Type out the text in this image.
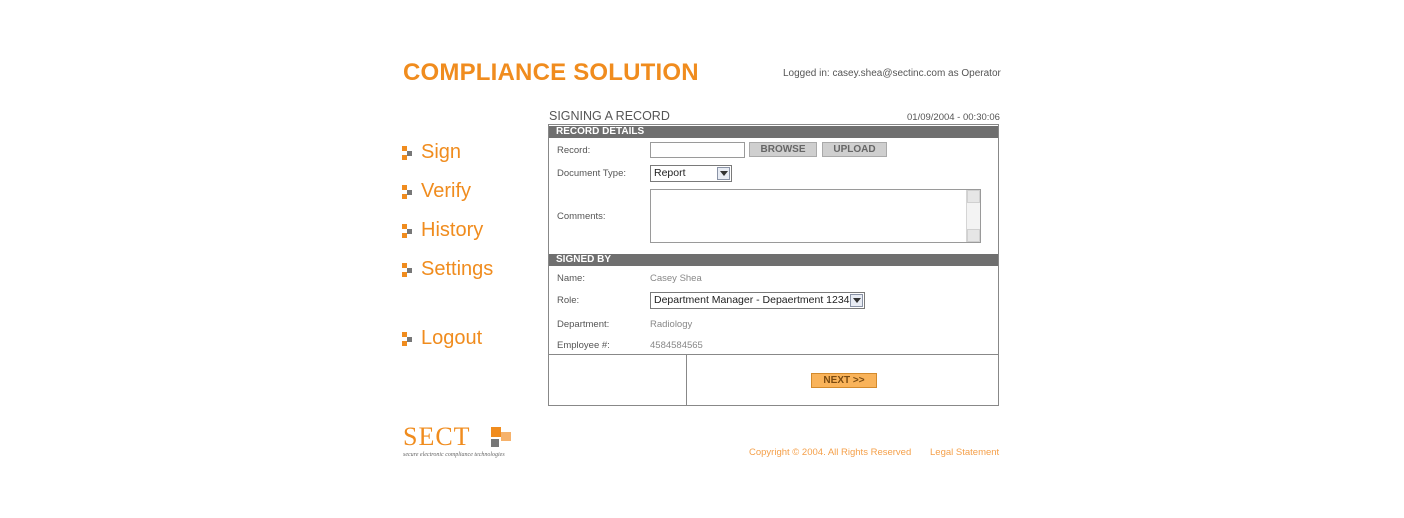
COMPLIANCE SOLUTION	Logged in: casey.shea@sectinc.com as Operator
Sign
Verify
History
Settings
Logout
SIGNING A RECORD	01/09/2004 - 00:30:06
RECORD DETAILS
Record:	BROWSE	UPLOAD
Document Type:	Report
Comments:
SIGNED BY
Name:	Casey Shea
Role:	Department Manager - Depaertment 1234
Department:	Radiology
Employee #:	4584584565
NEXT >>
SECT
secure electronic compliance technologies	Copyright © 2004. All Rights Reserved Legal Statement
